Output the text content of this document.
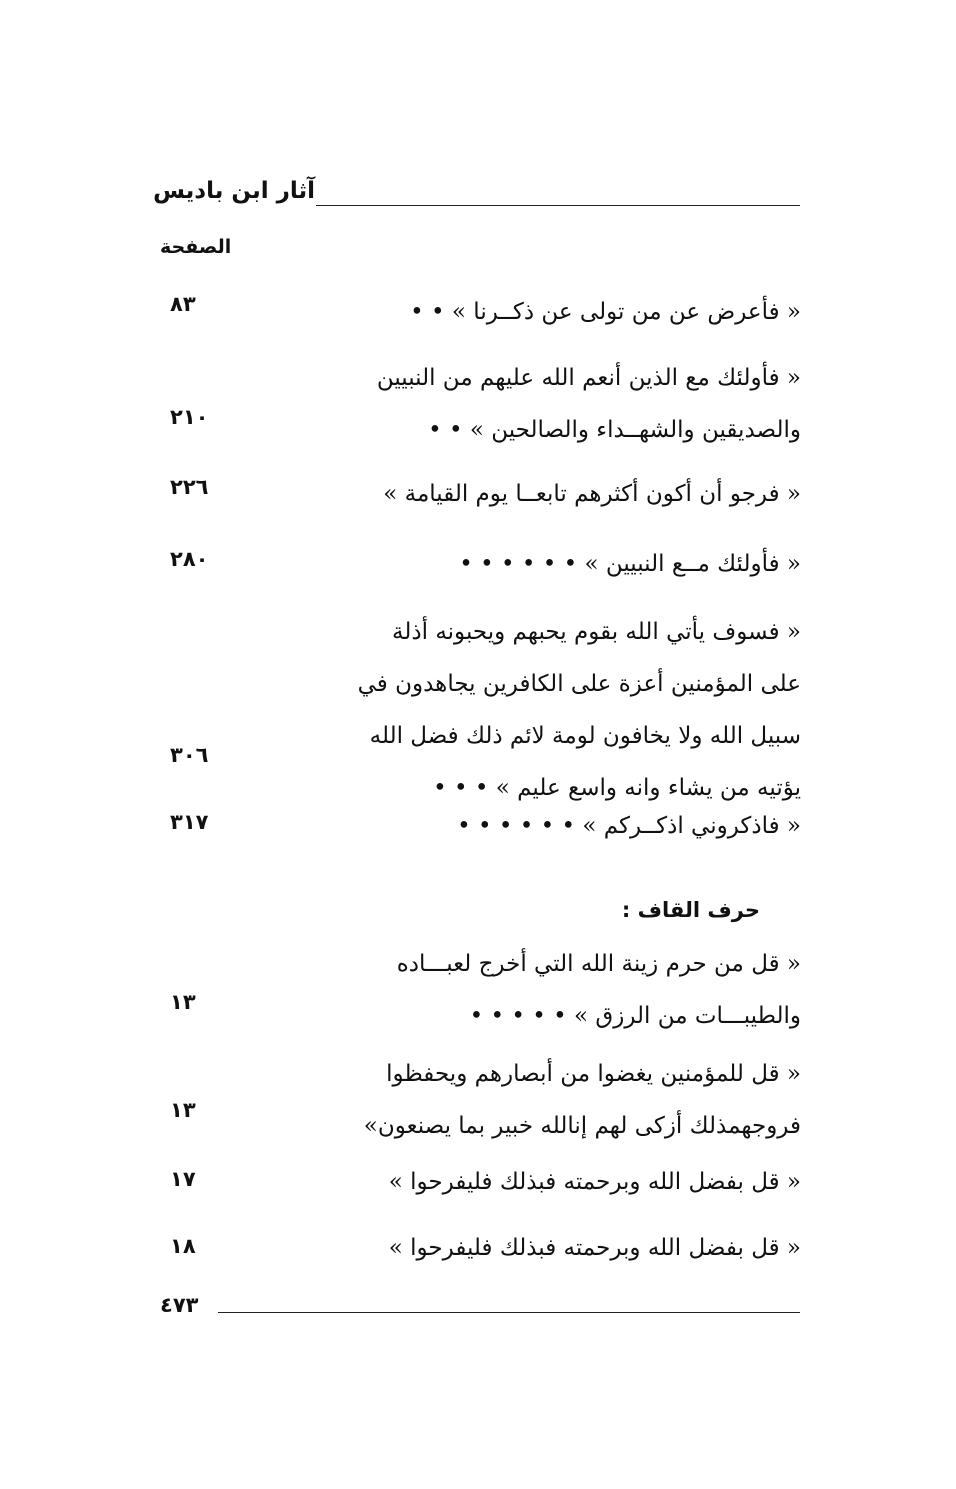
آثار ابن باديس
الصفحة
« فأعرض عن من تولى عن ذكــرنا » • •
٨٣
« فأولئك مع الذين أنعم الله عليهم من النبيين
والصديقين والشهــداء والصالحين » • •
٢١٠
« فرجو أن أكون أكثرهم تابعــا يوم القيامة »
٢٢٦
« فأولئك مــع النبيين » • • • • • •
٢٨٠
« فسوف يأتي الله بقوم يحبهم ويحبونه أذلة
على المؤمنين أعزة على الكافرين يجاهدون في
سبيل الله ولا يخافون لومة لائم ذلك فضل الله
يؤتيه من يشاء وانه واسع عليم » • • •
٣٠٦
« فاذكروني اذكــركم » • • • • • •
٣١٧
حرف القاف :
« قل من حرم زينة الله التي أخرج لعبـــاده
والطيبـــات من الرزق » • • • • •
١٣
« قل للمؤمنين يغضوا من أبصارهم ويحفظوا
فروجهمذلك أزكى لهم إنالله خبير بما يصنعون»
١٣
« قل بفضل الله وبرحمته فبذلك فليفرحوا »
١٧
« قل بفضل الله وبرحمته فبذلك فليفرحوا »
١٨
٤٧٣
